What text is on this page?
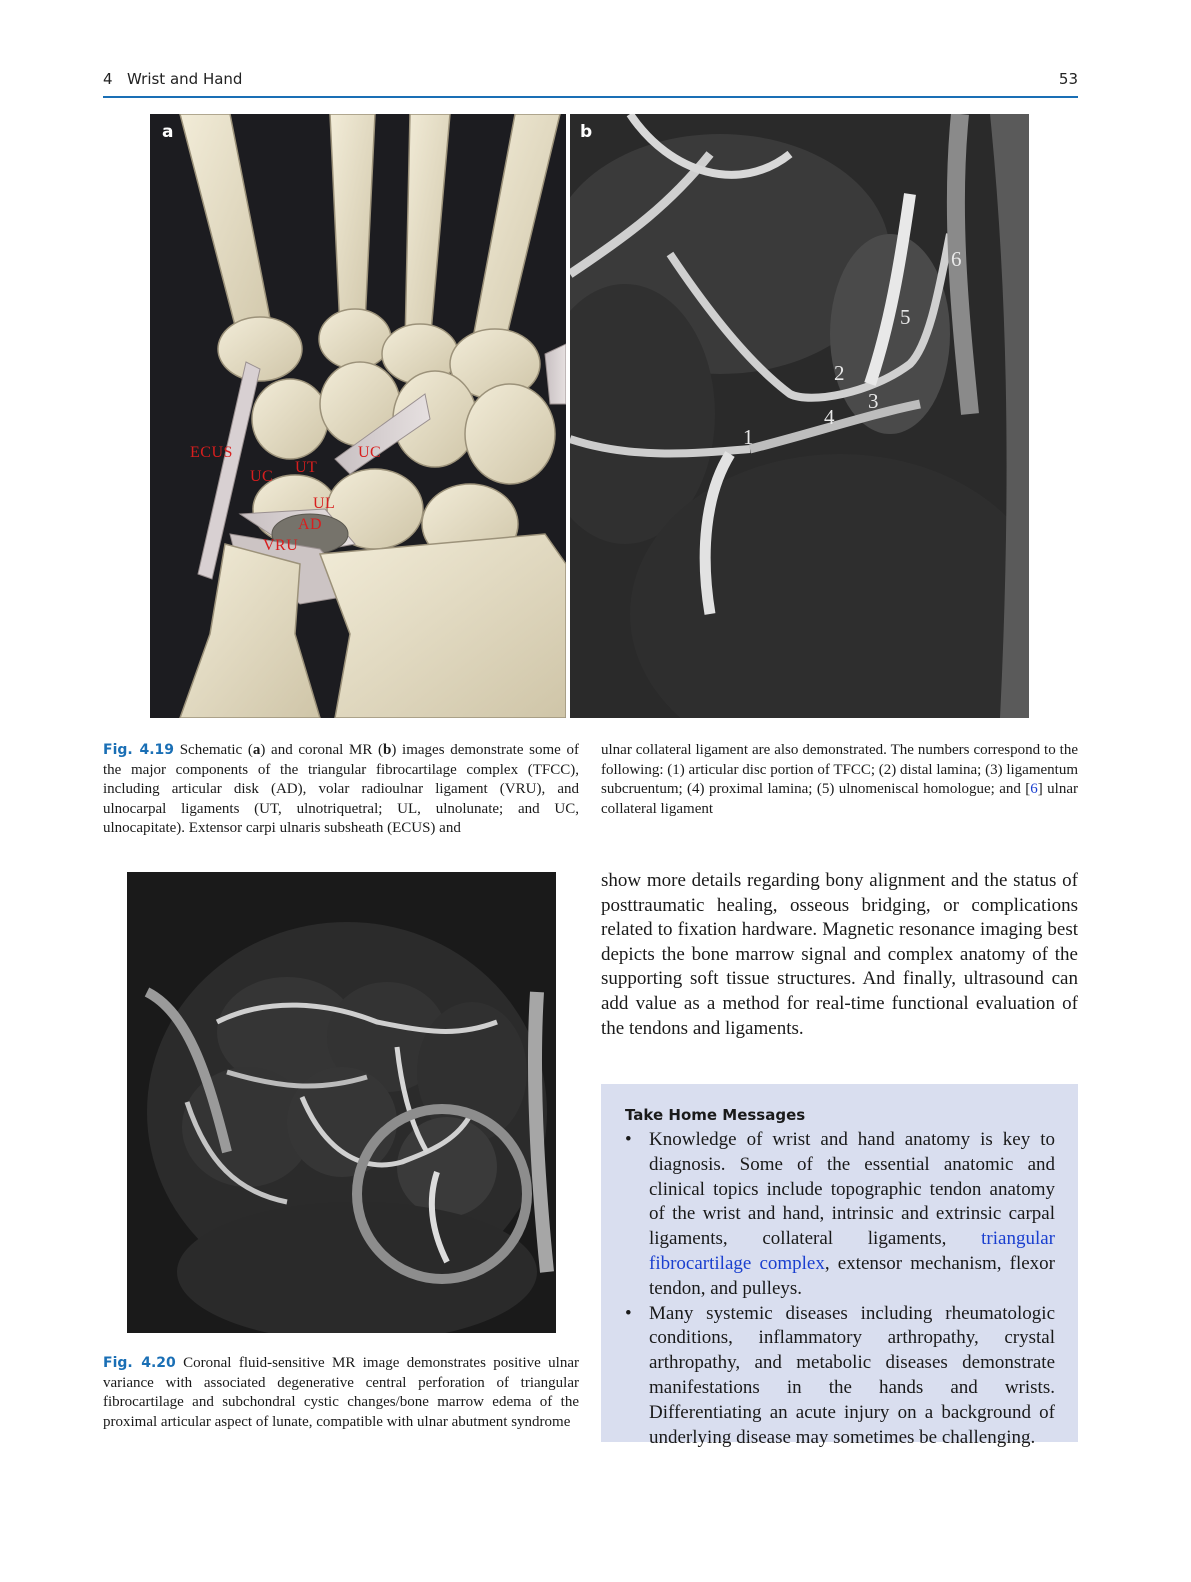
4 Wrist and Hand	53
a
ECUS
UC
UT
UC
UL
AD
VRU
b
6
5
2
3
4
1
Fig. 4.19 Schematic (a) and coronal MR (b) images demonstrate some of the major components of the triangular fibrocartilage complex (TFCC), including articular disk (AD), volar radioulnar ligament (VRU), and ulnocarpal ligaments (UT, ulnotriquetral; UL, ulnolunate; and UC, ulnocapitate). Extensor carpi ulnaris subsheath (ECUS) and
ulnar collateral ligament are also demonstrated. The numbers correspond to the following: (1) articular disc portion of TFCC; (2) distal lamina; (3) ligamentum subcruentum; (4) proximal lamina; (5) ulnomeniscal homologue; and [6] ulnar collateral ligament
Fig. 4.20 Coronal fluid-sensitive MR image demonstrates positive ulnar variance with associated degenerative central perforation of triangular fibrocartilage and subchondral cystic changes/bone marrow edema of the proximal articular aspect of lunate, compatible with ulnar abutment syndrome
show more details regarding bony alignment and the status of posttraumatic healing, osseous bridging, or complications related to fixation hardware. Magnetic resonance imaging best depicts the bone marrow signal and complex anatomy of the supporting soft tissue structures. And finally, ultrasound can add value as a method for real-time functional evaluation of the tendons and ligaments.
Take Home Messages
• Knowledge of wrist and hand anatomy is key to diagnosis. Some of the essential anatomic and clinical topics include topographic tendon anatomy of the wrist and hand, intrinsic and extrinsic carpal ligaments, collateral ligaments, triangular fibrocartilage complex, extensor mechanism, flexor tendon, and pulleys.
• Many systemic diseases including rheumatologic conditions, inflammatory arthropathy, crystal arthropathy, and metabolic diseases demonstrate manifestations in the hands and wrists. Differentiating an acute injury on a background of underlying disease may sometimes be challenging.
